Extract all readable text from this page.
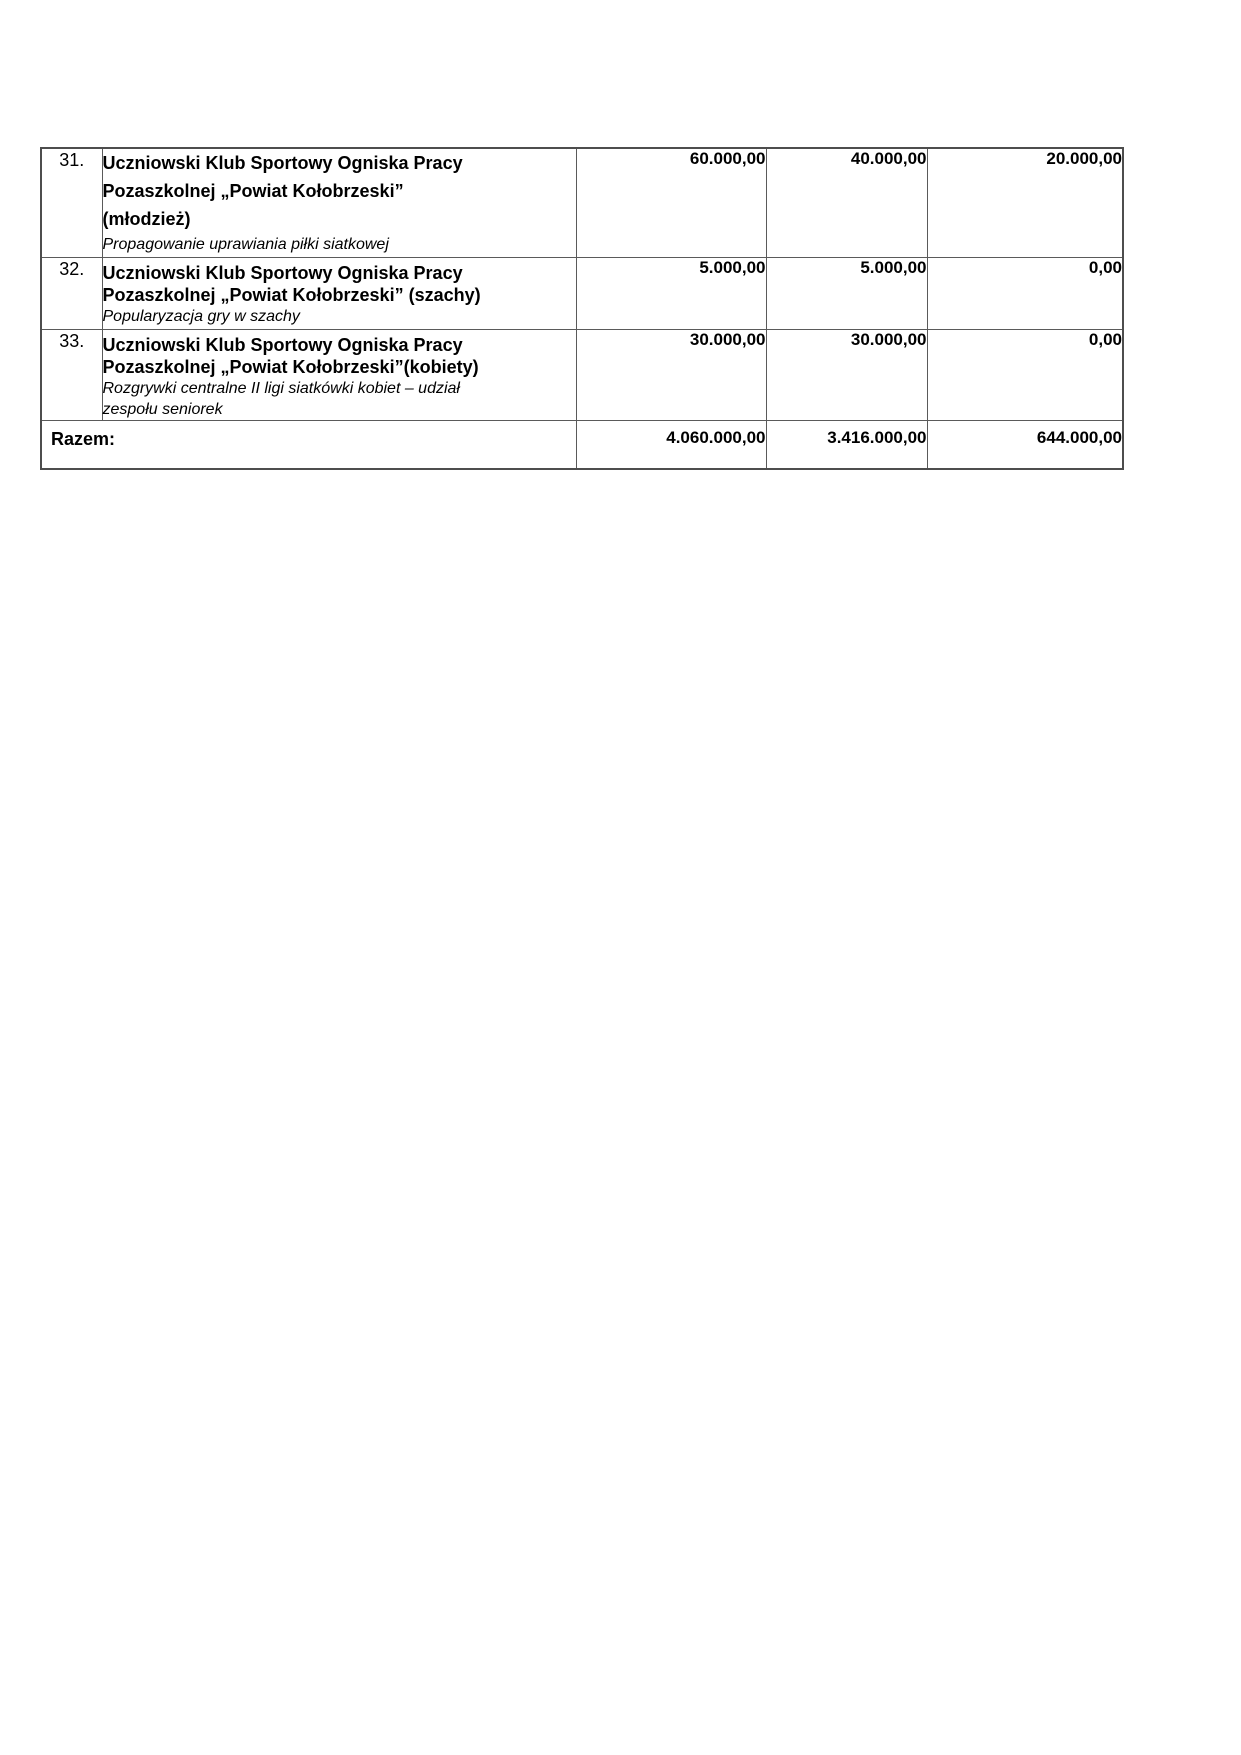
31.	Uczniowski Klub Sportowy Ogniska Pracy
Pozaszkolnej „Powiat Kołobrzeski”
(młodzież)
Propagowanie uprawiania piłki siatkowej	60.000,00	40.000,00	20.000,00
32.	Uczniowski Klub Sportowy Ogniska Pracy
Pozaszkolnej „Powiat Kołobrzeski” (szachy)
Popularyzacja gry w szachy	5.000,00	5.000,00	0,00
33.	Uczniowski Klub Sportowy Ogniska Pracy
Pozaszkolnej „Powiat Kołobrzeski”(kobiety)
Rozgrywki centralne II ligi siatkówki kobiet – udział
zespołu seniorek	30.000,00	30.000,00	0,00
Razem:		4.060.000,00	3.416.000,00	644.000,00
